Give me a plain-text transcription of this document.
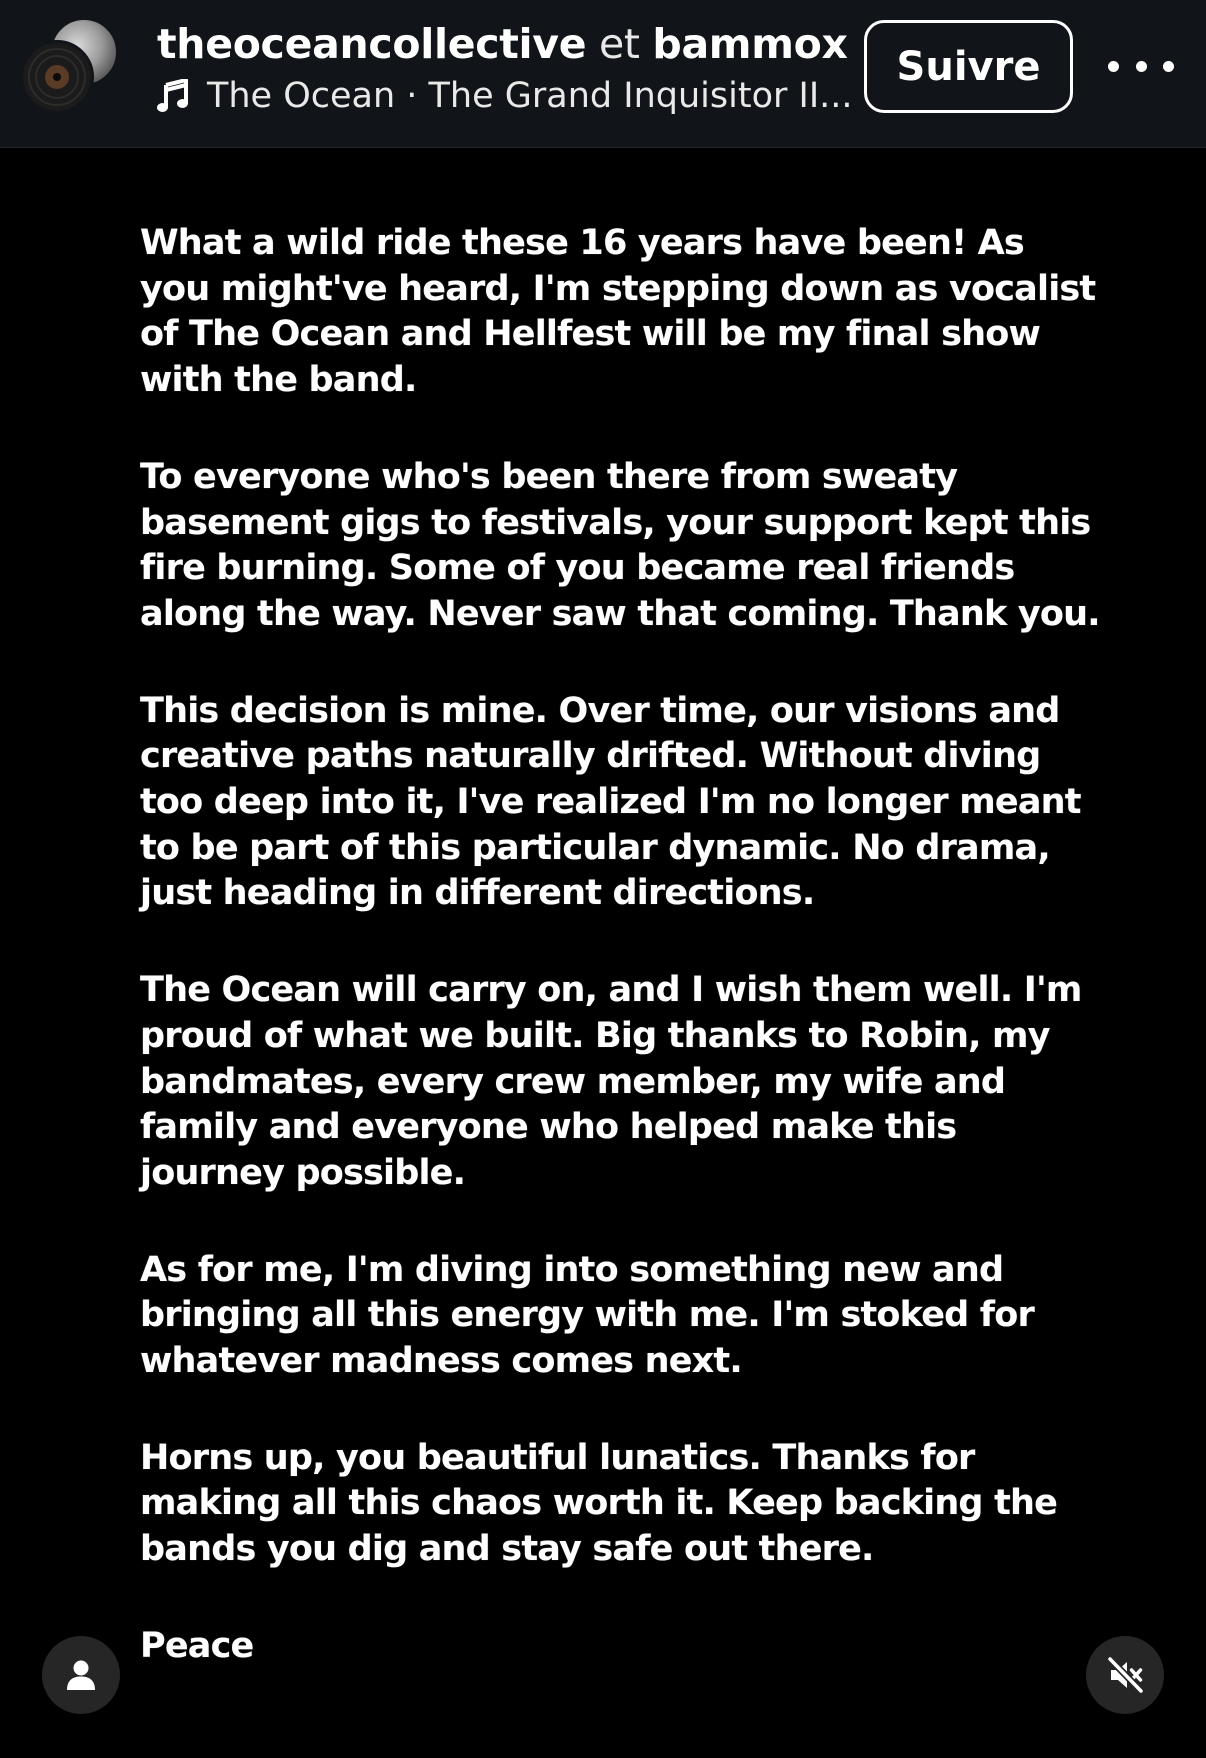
theoceancollective et bammox
The Ocean · The Grand Inquisitor II...
Suivre

What a wild ride these 16 years have been! As you might've heard, I'm stepping down as vocalist of The Ocean and Hellfest will be my final show with the band.

To everyone who's been there from sweaty basement gigs to festivals, your support kept this fire burning. Some of you became real friends along the way. Never saw that coming. Thank you.

This decision is mine. Over time, our visions and creative paths naturally drifted. Without diving too deep into it, I've realized I'm no longer meant to be part of this particular dynamic. No drama, just heading in different directions.

The Ocean will carry on, and I wish them well. I'm proud of what we built. Big thanks to Robin, my bandmates, every crew member, my wife and family and everyone who helped make this journey possible.

As for me, I'm diving into something new and bringing all this energy with me. I'm stoked for whatever madness comes next.

Horns up, you beautiful lunatics. Thanks for making all this chaos worth it. Keep backing the bands you dig and stay safe out there.

Peace
